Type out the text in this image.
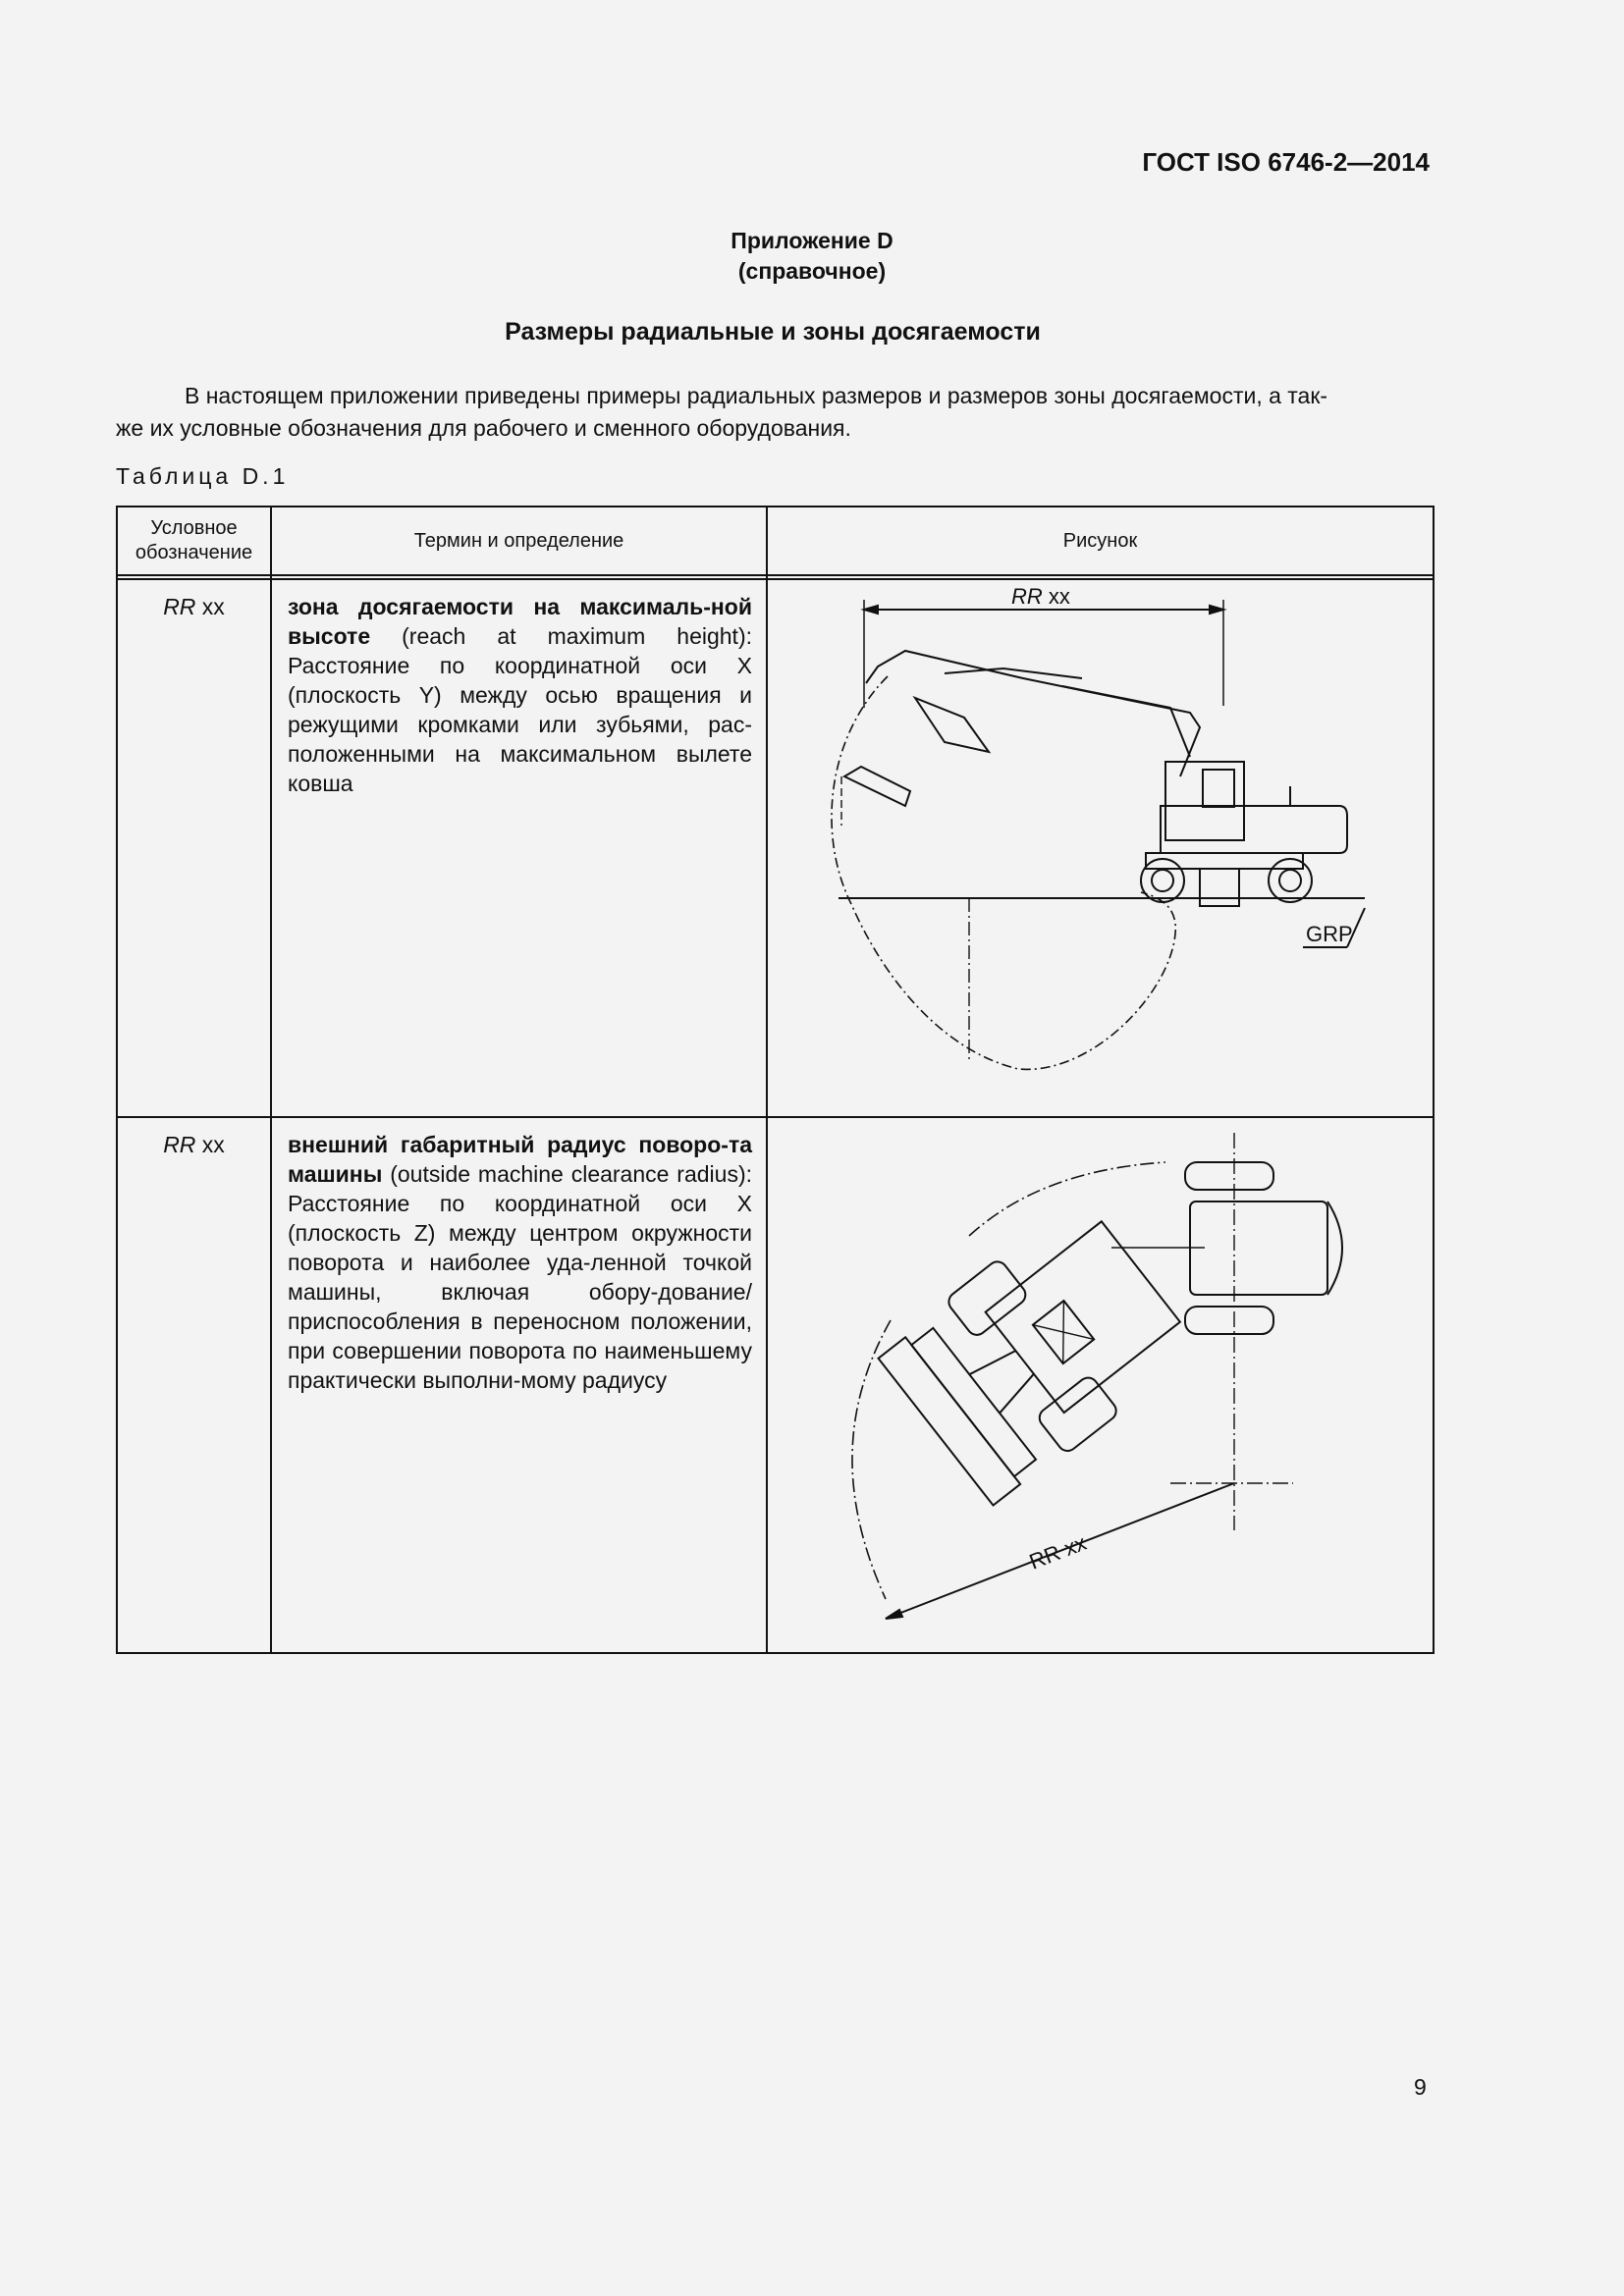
ГОСТ ISO 6746-2—2014
Приложение D
(справочное)
Размеры радиальные и зоны досягаемости
В настоящем приложении приведены примеры радиальных размеров и размеров зоны досягаемости, а так-
же их условные обозначения для рабочего и сменного оборудования.
Таблица D.1
Условное
обозначение	Термин и определение	Рисунок

RR xx	зона досягаемости на максималь-ной высоте (reach at maximum height): Расстояние по координатной оси X (плоскость Y) между осью вращения и режущими кромками или зубьями, рас-положенными на максимальном вылете ковша	RR xx
GRP

RR xx	внешний габаритный радиус поворо-та машины (outside machine clearance radius): Расстояние по координатной оси X (плоскость Z) между центром окружности поворота и наиболее уда-ленной точкой машины, включая обору-дование/приспособления в переносном положении, при совершении поворота по наименьшему практически выполни-мому радиусу	RR xx
9
